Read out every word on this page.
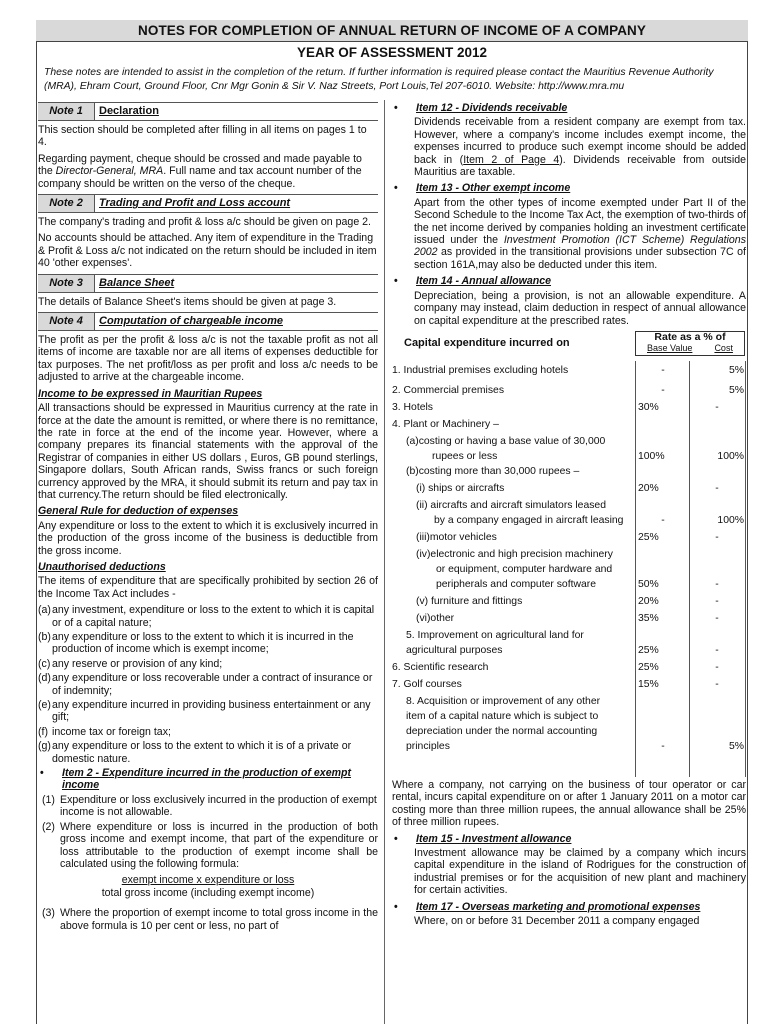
NOTES FOR COMPLETION OF ANNUAL RETURN OF INCOME OF A COMPANY
YEAR OF ASSESSMENT 2012
These notes are intended to assist in the completion of the return. If further information is required please contact the Mauritius Revenue Authority (MRA), Ehram Court, Ground Floor, Cnr Mgr Gonin & Sir V. Naz Streets, Port Louis,Tel 207-6010. Website: http://www.mra.mu
Note 1	Declaration

This section should be completed after filling in all items on pages 1 to 4.

Regarding payment, cheque should be crossed and made payable to the Director-General, MRA. Full name and tax account number of the company should be written on the verso of the cheque.

Note 2	Trading and Profit and Loss account

The company's trading and profit & loss a/c should be given on page 2.

No accounts should be attached. Any item of expenditure in the Trading & Profit & Loss a/c not indicated on the return should be included in item 40 'other expenses'.

Note 3	Balance Sheet

The details of Balance Sheet's items should be given at page 3.

Note 4	Computation of chargeable income

The profit as per the profit & loss a/c is not the taxable profit as not all items of income are taxable nor are all items of expenses deductible for tax purposes. The net profit/loss as per profit and loss a/c needs to be adjusted to arrive at the chargeable income.

Income to be expressed in Mauritian Rupees

All transactions should be expressed in Mauritius currency at the rate in force at the date the amount is remitted, or where there is no remittance, the rate in force at the end of the income year. However, where a company prepares its financial statements with the approval of the Registrar of companies in either US dollars , Euros, GB pound sterlings, Singapore dollars, South African rands, Swiss francs or such foreign currency approved by the MRA, it should submit its return and pay tax in that currency.The return should be filed electronically.

General Rule for deduction of expenses

Any expenditure or loss to the extent to which it is exclusively incurred in the production of the gross income of the business is deductible from the gross income.

Unauthorised deductions

The items of expenditure that are specifically prohibited by section 26 of the Income Tax Act includes -

(a) any investment, expenditure or loss to the extent to which it is capital or of a capital nature;
(b) any expenditure or loss to the extent to which it is incurred in the production of income which is exempt income;
(c) any reserve or provision of any kind;
(d) any expenditure or loss recoverable under a contract of insurance or of indemnity;
(e) any expenditure incurred in providing business entertainment or any gift;
(f) income tax or foreign tax;
(g) any expenditure or loss to the extent to which it is of a private or domestic nature.
•	Item 2 - Expenditure incurred in the production of exempt income
(1) Expenditure or loss exclusively incurred in the production of exempt income is not allowable.
(2) Where expenditure or loss is incurred in the production of both gross income and exempt income, that part of the expenditure or loss attributable to the production of exempt income shall be calculated using the following formula:
exempt income x expenditure or loss
total gross income (including exempt income)
(3) Where the proportion of exempt income to total gross income in the above formula is 10 per cent or less, no part of
•	Item 12 - Dividends receivable

Dividends receivable from a resident company are exempt from tax. However, where a company's income includes exempt income, the expenses incurred to produce such exempt income should be added back in (Item 2 of Page 4). Dividends receivable from outside Mauritius are taxable.

•	Item 13 - Other exempt income

Apart from the other types of income exempted under Part II of the Second Schedule to the Income Tax Act, the exemption of two-thirds of the net income derived by companies holding an investment certificate issued under the Investment Promotion (ICT Scheme) Regulations 2002 as provided in the transitional provisions under subsection 7C of section 161A,may also be deducted under this item.

•	Item 14 - Annual allowance

Depreciation, being a provision, is not an allowable expenditure. A company may instead, claim deduction in respect of annual allowance on capital expenditure at the prescribed rates.

Capital expenditure incurred on	Rate as a % of
Base Value Cost
1. Industrial premises excluding hotels	-	5%
2. Commercial premises	-	5%
3. Hotels	30%	-
4. Plant or Machinery –
(a)costing or having a base value of 30,000
rupees or less	100%	100%
(b)costing more than 30,000 rupees –
(i) ships or aircrafts	20%	-
(ii) aircrafts and aircraft simulators leased
by a company engaged in aircraft leasing	-	100%
(iii)motor vehicles	25%	-
(iv)electronic and high precision machinery
or equipment, computer hardware and
peripherals and computer software	50%	-
(v) furniture and fittings	20%	-
(vi)other	35%	-
5. Improvement on agricultural land for
agricultural purposes	25%	-
6. Scientific research	25%	-
7. Golf courses	15%	-
8. Acquisition or improvement of any other
item of a capital nature which is subject to
depreciation under the normal accounting
principles	-	5%

Where a company, not carrying on the business of tour operator or car rental, incurs capital expenditure on or after 1 January 2011 on a motor car costing more than three million rupees, the annual allowance shall be 25% of three million rupees.

•	Item 15 - Investment allowance

Investment allowance may be claimed by a company which incurs capital expenditure in the island of Rodrigues for the construction of industrial premises or for the acquisition of new plant and machinery for certain activities.

•	Item 17 - Overseas marketing and promotional expenses

Where, on or before 31 December 2011 a company engaged
